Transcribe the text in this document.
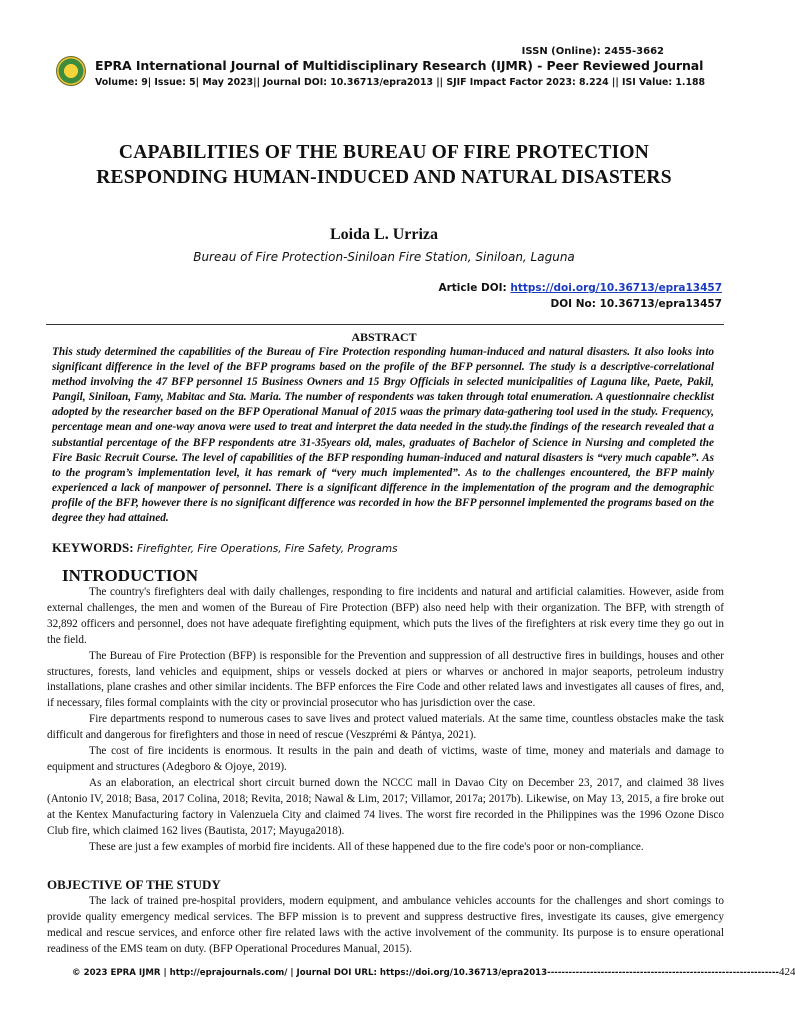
ISSN (Online): 2455-3662
EPRA International Journal of Multidisciplinary Research (IJMR) - Peer Reviewed Journal
Volume: 9| Issue: 5| May 2023|| Journal DOI: 10.36713/epra2013 || SJIF Impact Factor 2023: 8.224 || ISI Value: 1.188
CAPABILITIES OF THE BUREAU OF FIRE PROTECTION
RESPONDING HUMAN-INDUCED AND NATURAL DISASTERS
Loida L. Urriza
Bureau of Fire Protection-Siniloan Fire Station, Siniloan, Laguna
Article DOI: https://doi.org/10.36713/epra13457
DOI No: 10.36713/epra13457
ABSTRACT
This study determined the capabilities of the Bureau of Fire Protection responding human-induced and natural disasters. It also looks into significant difference in the level of the BFP programs based on the profile of the BFP personnel. The study is a descriptive-correlational method involving the 47 BFP personnel 15 Business Owners and 15 Brgy Officials in selected municipalities of Laguna like, Paete, Pakil, Pangil, Siniloan, Famy, Mabitac and Sta. Maria. The number of respondents was taken through total enumeration. A questionnaire checklist adopted by the researcher based on the BFP Operational Manual of 2015 waas the primary data-gathering tool used in the study. Frequency, percentage mean and one-way anova were used to treat and interpret the data needed in the study.the findings of the research revealed that a substantial percentage of the BFP respondents atre 31-35years old, males, graduates of Bachelor of Science in Nursing and completed the Fire Basic Recruit Course. The level of capabilities of the BFP responding human-induced and natural disasters is “very much capable”. As to the program’s implementation level, it has remark of “very much implemented”. As to the challenges encountered, the BFP mainly experienced a lack of manpower of personnel. There is a significant difference in the implementation of the program and the demographic profile of the BFP, however there is no significant difference was recorded in how the BFP personnel implemented the programs based on the degree they had attained.
KEYWORDS: Firefighter, Fire Operations, Fire Safety, Programs
INTRODUCTION

The country's firefighters deal with daily challenges, responding to fire incidents and natural and artificial calamities. However, aside from external challenges, the men and women of the Bureau of Fire Protection (BFP) also need help with their organization. The BFP, with strength of 32,892 officers and personnel, does not have adequate firefighting equipment, which puts the lives of the firefighters at risk every time they go out in the field.

The Bureau of Fire Protection (BFP) is responsible for the Prevention and suppression of all destructive fires in buildings, houses and other structures, forests, land vehicles and equipment, ships or vessels docked at piers or wharves or anchored in major seaports, petroleum industry installations, plane crashes and other similar incidents. The BFP enforces the Fire Code and other related laws and investigates all causes of fires, and, if necessary, files formal complaints with the city or provincial prosecutor who has jurisdiction over the case.

Fire departments respond to numerous cases to save lives and protect valued materials. At the same time, countless obstacles make the task difficult and dangerous for firefighters and those in need of rescue (Veszprémi & Pántya, 2021).

The cost of fire incidents is enormous. It results in the pain and death of victims, waste of time, money and materials and damage to equipment and structures (Adegboro & Ojoye, 2019).

As an elaboration, an electrical short circuit burned down the NCCC mall in Davao City on December 23, 2017, and claimed 38 lives (Antonio IV, 2018; Basa, 2017 Colina, 2018; Revita, 2018; Nawal & Lim, 2017; Villamor, 2017a; 2017b). Likewise, on May 13, 2015, a fire broke out at the Kentex Manufacturing factory in Valenzuela City and claimed 74 lives. The worst fire recorded in the Philippines was the 1996 Ozone Disco Club fire, which claimed 162 lives (Bautista, 2017; Mayuga2018).

These are just a few examples of morbid fire incidents. All of these happened due to the fire code's poor or non-compliance.

OBJECTIVE OF THE STUDY

The lack of trained pre-hospital providers, modern equipment, and ambulance vehicles accounts for the challenges and short comings to provide quality emergency medical services. The BFP mission is to prevent and suppress destructive fires, investigate its causes, give emergency medical and rescue services, and enforce other fire related laws with the active involvement of the community. Its purpose is to ensure operational readiness of the EMS team on duty. (BFP Operational Procedures Manual, 2015).

© 2023 EPRA IJMR | http://eprajournals.com/ | Journal DOI URL: https://doi.org/10.36713/epra2013-----------------------------------------------------------------424
